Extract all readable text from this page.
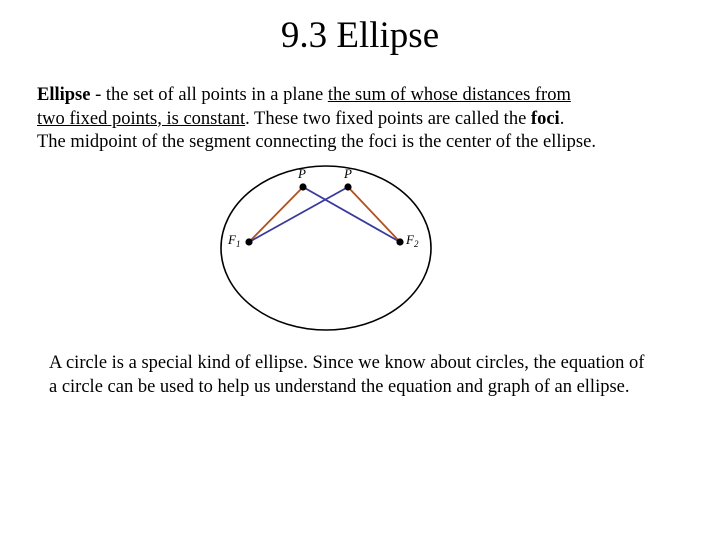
9.3 Ellipse
Ellipse - the set of all points in a plane the sum of whose distances from
two fixed points, is constant. These two fixed points are called the foci.
The midpoint of the segment connecting the foci is the center of the ellipse.
P	P
$F_1$	$F_2$
A circle is a special kind of ellipse. Since we know about circles, the equation of a circle can be used to help us understand the equation and graph of an ellipse.
